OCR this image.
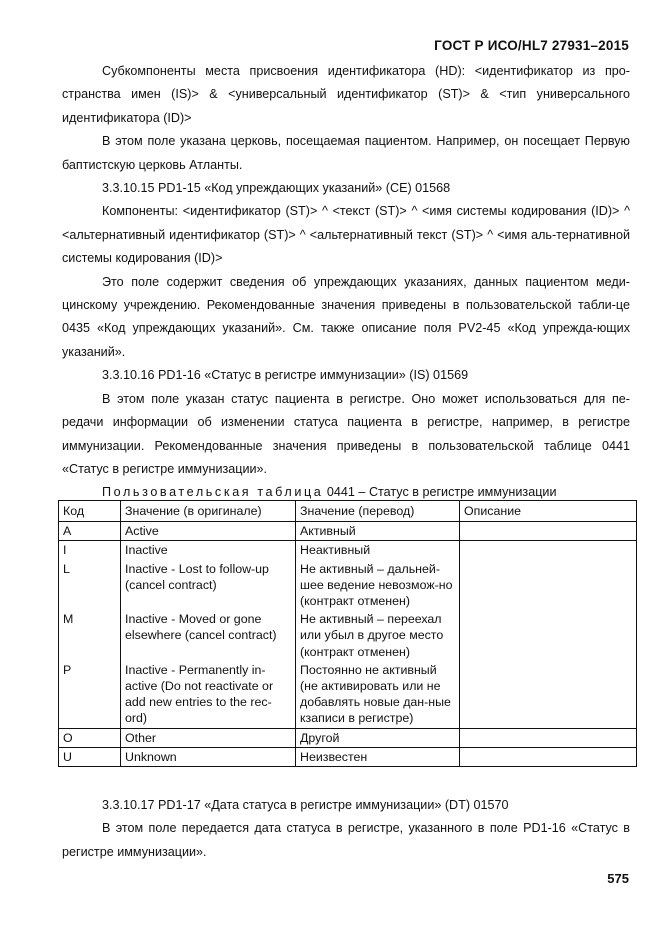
ГОСТ Р ИСО/HL7 27931–2015

Субкомпоненты места присвоения идентификатора (HD): <идентификатор из про-странства имен (IS)> & <универсальный идентификатор (ST)> & <тип универсального идентификатора (ID)>

В этом поле указана церковь, посещаемая пациентом. Например, он посещает Первую баптистскую церковь Атланты.

3.3.10.15 PD1-15 «Код упреждающих указаний» (CE) 01568

Компоненты: <идентификатор (ST)> ^ <текст (ST)> ^ <имя системы кодирования (ID)> ^ <альтернативный идентификатор (ST)> ^ <альтернативный текст (ST)> ^ <имя аль-тернативной системы кодирования (ID)>

Это поле содержит сведения об упреждающих указаниях, данных пациентом меди-цинскому учреждению. Рекомендованные значения приведены в пользовательской табли-це 0435 «Код упреждающих указаний». См. также описание поля PV2-45 «Код упрежда-ющих указаний».

3.3.10.16 PD1-16 «Статус в регистре иммунизации» (IS) 01569

В этом поле указан статус пациента в регистре. Оно может использоваться для пе-редачи информации об изменении статуса пациента в регистре, например, в регистре иммунизации. Рекомендованные значения приведены в пользовательской таблице 0441 «Статус в регистре иммунизации».

Пользовательская таблица 0441 – Статус в регистре иммунизации

Код	Значение (в оригинале)	Значение (перевод)	Описание
A	Active	Активный	
I	Inactive	Неактивный	
L	Inactive - Lost to follow-up (cancel contract)	Не активный – дальней-шее ведение невозмож-но (контракт отменен)	
M	Inactive - Moved or gone elsewhere (cancel contract)	Не активный – переехал или убыл в другое место (контракт отменен)	
P	Inactive - Permanently in-active (Do not reactivate or add new entries to the rec-ord)	Постоянно не активный (не активировать или не добавлять новые дан-ные кзаписи в регистре)	
O	Other	Другой	
U	Unknown	Неизвестен	

3.3.10.17 PD1-17 «Дата статуса в регистре иммунизации» (DT) 01570

В этом поле передается дата статуса в регистре, указанного в поле PD1-16 «Статус в регистре иммунизации».

575
